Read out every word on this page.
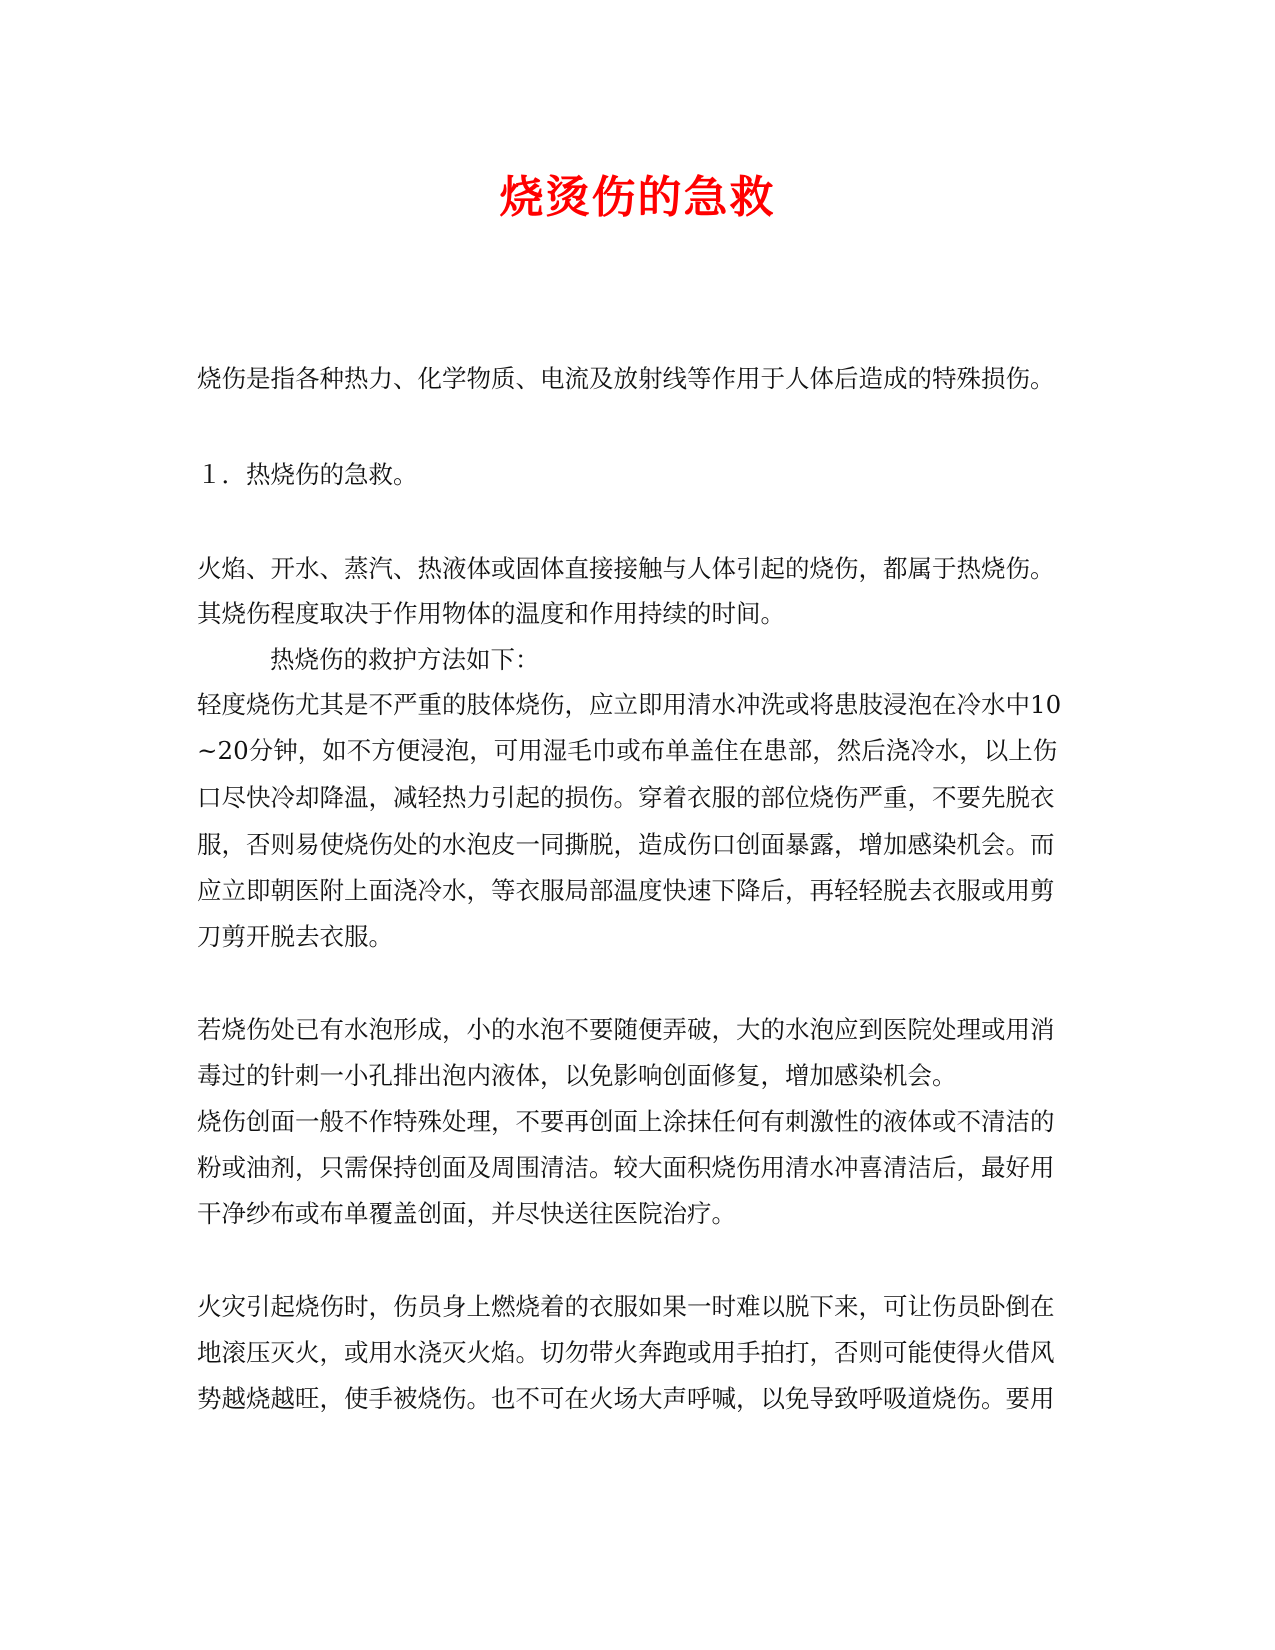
烧烫伤的急救
烧伤是指各种热力、化学物质、电流及放射线等作用于人体后造成的特殊损伤。
１．热烧伤的急救。
火焰、开水、蒸汽、热液体或固体直接接触与人体引起的烧伤，都属于热烧伤。
其烧伤程度取决于作用物体的温度和作用持续的时间。
热烧伤的救护方法如下：
轻度烧伤尤其是不严重的肢体烧伤，应立即用清水冲洗或将患肢浸泡在冷水中10
~20分钟，如不方便浸泡，可用湿毛巾或布单盖住在患部，然后浇冷水，以上伤
口尽快冷却降温，减轻热力引起的损伤。穿着衣服的部位烧伤严重，不要先脱衣
服，否则易使烧伤处的水泡皮一同撕脱，造成伤口创面暴露，增加感染机会。而
应立即朝医附上面浇冷水，等衣服局部温度快速下降后，再轻轻脱去衣服或用剪
刀剪开脱去衣服。
若烧伤处已有水泡形成，小的水泡不要随便弄破，大的水泡应到医院处理或用消
毒过的针刺一小孔排出泡内液体，以免影响创面修复，增加感染机会。
烧伤创面一般不作特殊处理，不要再创面上涂抹任何有刺激性的液体或不清洁的
粉或油剂，只需保持创面及周围清洁。较大面积烧伤用清水冲喜清洁后，最好用
干净纱布或布单覆盖创面，并尽快送往医院治疗。
火灾引起烧伤时，伤员身上燃烧着的衣服如果一时难以脱下来，可让伤员卧倒在
地滚压灭火，或用水浇灭火焰。切勿带火奔跑或用手拍打，否则可能使得火借风
势越烧越旺，使手被烧伤。也不可在火场大声呼喊，以免导致呼吸道烧伤。要用
